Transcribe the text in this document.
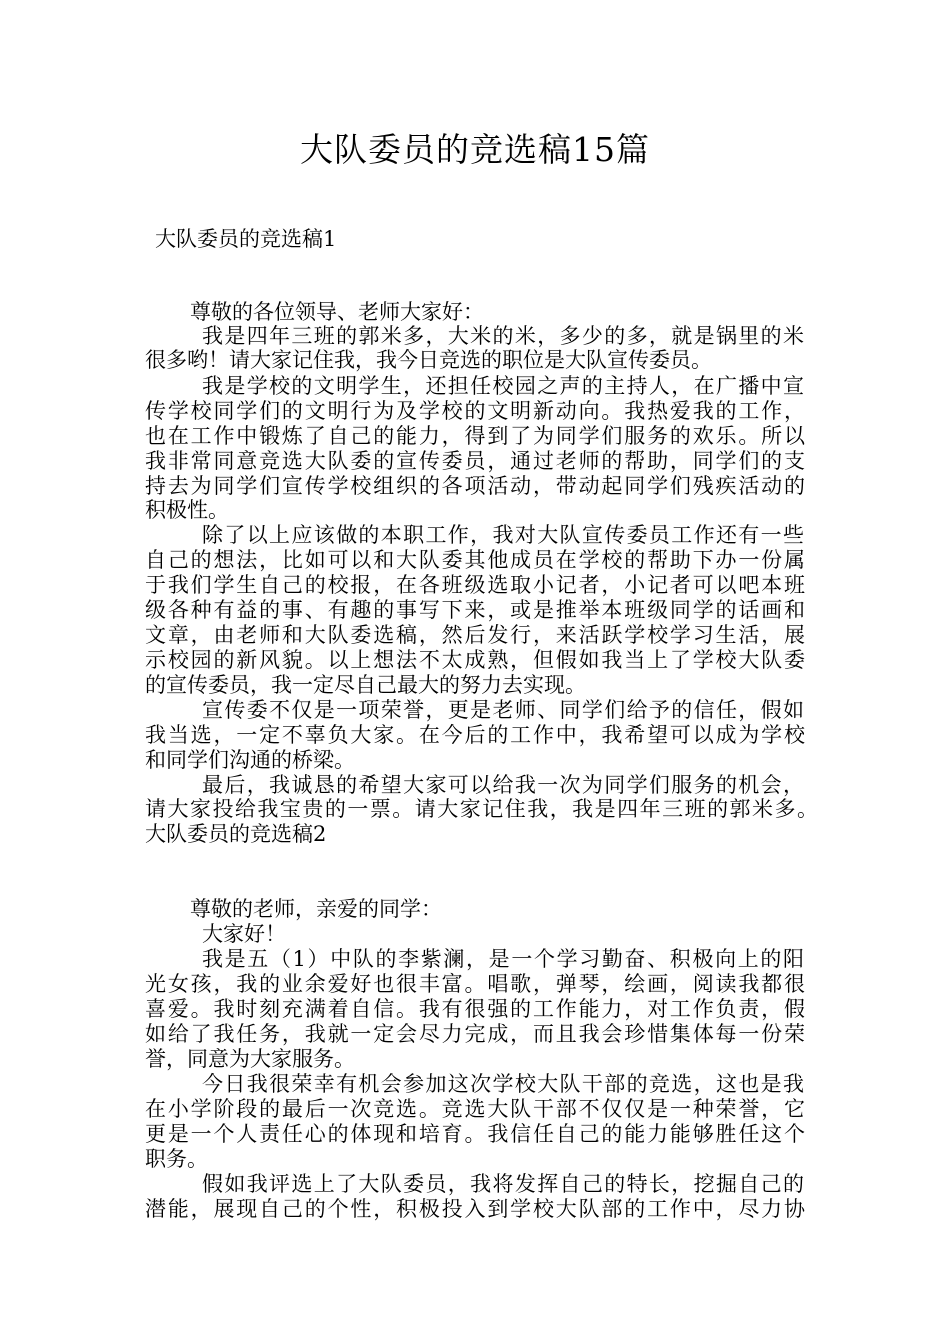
大队委员的竞选稿15篇
大队委员的竞选稿1
尊敬的各位领导、老师大家好：
我是四年三班的郭米多，大米的米，多少的多，就是锅里的米
很多哟！请大家记住我，我今日竞选的职位是大队宣传委员。
我是学校的文明学生，还担任校园之声的主持人，在广播中宣
传学校同学们的文明行为及学校的文明新动向。我热爱我的工作，
也在工作中锻炼了自己的能力，得到了为同学们服务的欢乐。所以
我非常同意竞选大队委的宣传委员，通过老师的帮助，同学们的支
持去为同学们宣传学校组织的各项活动，带动起同学们残疾活动的
积极性。
除了以上应该做的本职工作，我对大队宣传委员工作还有一些
自己的想法，比如可以和大队委其他成员在学校的帮助下办一份属
于我们学生自己的校报，在各班级选取小记者，小记者可以吧本班
级各种有益的事、有趣的事写下来，或是推举本班级同学的话画和
文章，由老师和大队委选稿，然后发行，来活跃学校学习生活，展
示校园的新风貌。以上想法不太成熟，但假如我当上了学校大队委
的宣传委员，我一定尽自己最大的努力去实现。
宣传委不仅是一项荣誉，更是老师、同学们给予的信任，假如
我当选，一定不辜负大家。在今后的工作中，我希望可以成为学校
和同学们沟通的桥梁。
最后，我诚恳的希望大家可以给我一次为同学们服务的机会，
请大家投给我宝贵的一票。请大家记住我，我是四年三班的郭米多。
大队委员的竞选稿2
尊敬的老师，亲爱的同学：
大家好！
我是五（1）中队的李紫澜，是一个学习勤奋、积极向上的阳
光女孩，我的业余爱好也很丰富。唱歌，弹琴，绘画，阅读我都很
喜爱。我时刻充满着自信。我有很强的工作能力，对工作负责，假
如给了我任务，我就一定会尽力完成，而且我会珍惜集体每一份荣
誉，同意为大家服务。
今日我很荣幸有机会参加这次学校大队干部的竞选，这也是我
在小学阶段的最后一次竞选。竞选大队干部不仅仅是一种荣誉，它
更是一个人责任心的体现和培育。我信任自己的能力能够胜任这个
职务。
假如我评选上了大队委员，我将发挥自己的特长，挖掘自己的
潜能，展现自己的个性，积极投入到学校大队部的工作中，尽力协
